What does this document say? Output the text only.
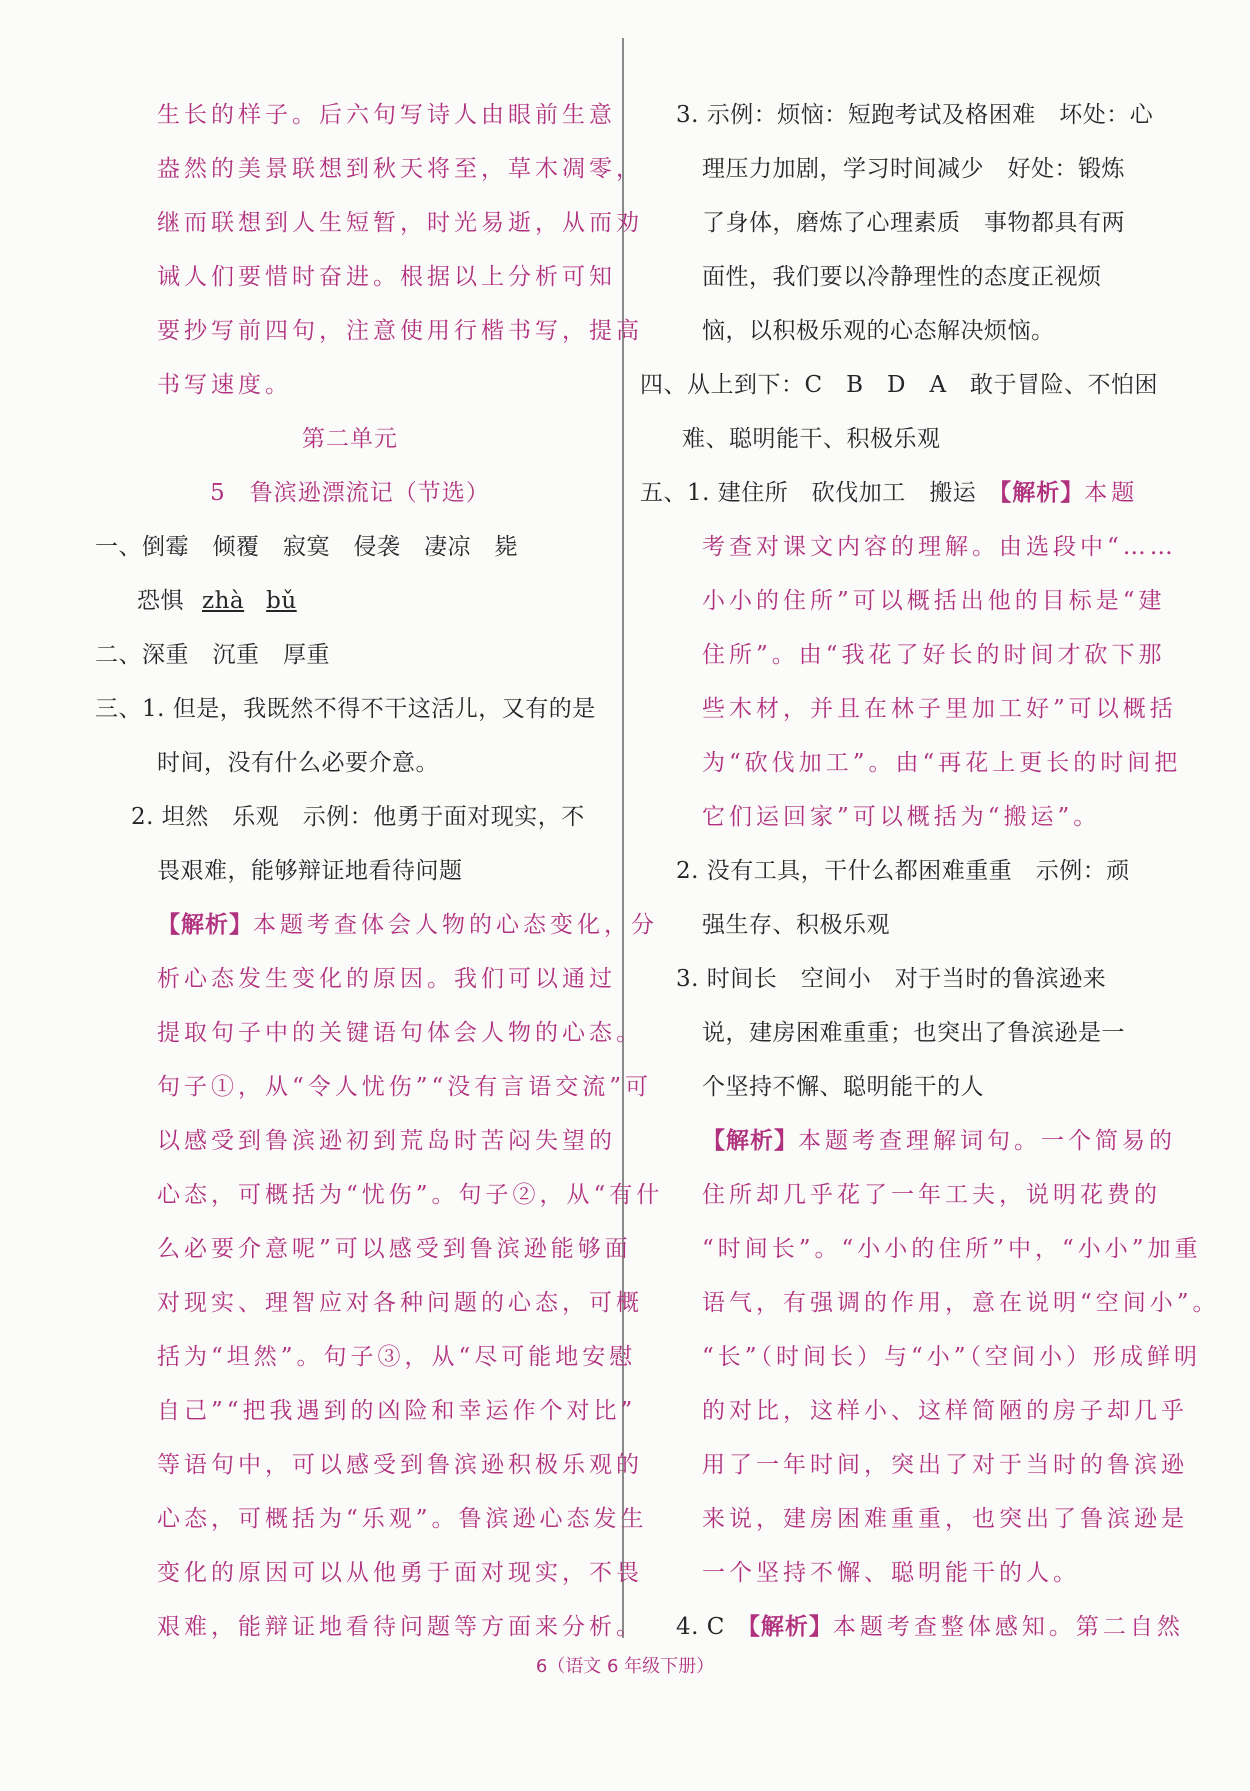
生长的样子。后六句写诗人由眼前生意
盎然的美景联想到秋天将至，草木凋零，
继而联想到人生短暂，时光易逝，从而劝
诫人们要惜时奋进。根据以上分析可知
要抄写前四句，注意使用行楷书写，提高
书写速度。
第二单元
5　鲁滨逊漂流记（节选）
一、倒霉　倾覆　寂寞　侵袭　凄凉　毙
恐惧 zhà bǔ
二、深重　沉重　厚重
三、1. 但是，我既然不得不干这活儿，又有的是
时间，没有什么必要介意。
2. 坦然　乐观　示例：他勇于面对现实，不
畏艰难，能够辩证地看待问题
【解析】本题考查体会人物的心态变化，分
析心态发生变化的原因。我们可以通过
提取句子中的关键语句体会人物的心态。
句子①，从“令人忧伤”“没有言语交流”可
以感受到鲁滨逊初到荒岛时苦闷失望的
心态，可概括为“忧伤”。句子②，从“有什
么必要介意呢”可以感受到鲁滨逊能够面
对现实、理智应对各种问题的心态，可概
括为“坦然”。句子③，从“尽可能地安慰
自己”“把我遇到的凶险和幸运作个对比”
等语句中，可以感受到鲁滨逊积极乐观的
心态，可概括为“乐观”。鲁滨逊心态发生
变化的原因可以从他勇于面对现实，不畏
艰难，能辩证地看待问题等方面来分析。
3. 示例：烦恼：短跑考试及格困难　坏处：心
理压力加剧，学习时间减少　好处：锻炼
了身体，磨炼了心理素质　事物都具有两
面性，我们要以冷静理性的态度正视烦
恼，以积极乐观的心态解决烦恼。
四、从上到下：C　B　D　A　敢于冒险、不怕困
难、聪明能干、积极乐观
五、1. 建住所　砍伐加工　搬运　【解析】本题
考查对课文内容的理解。由选段中“……
小小的住所”可以概括出他的目标是“建
住所”。由“我花了好长的时间才砍下那
些木材，并且在林子里加工好”可以概括
为“砍伐加工”。由“再花上更长的时间把
它们运回家”可以概括为“搬运”。
2. 没有工具，干什么都困难重重　示例：顽
强生存、积极乐观
3. 时间长　空间小　对于当时的鲁滨逊来
说，建房困难重重；也突出了鲁滨逊是一
个坚持不懈、聪明能干的人
【解析】本题考查理解词句。一个简易的
住所却几乎花了一年工夫，说明花费的
“时间长”。“小小的住所”中，“小小”加重
语气，有强调的作用，意在说明“空间小”。
“长”（时间长）与“小”（空间小）形成鲜明
的对比，这样小、这样简陋的房子却几乎
用了一年时间，突出了对于当时的鲁滨逊
来说，建房困难重重，也突出了鲁滨逊是
一个坚持不懈、聪明能干的人。
4. C　【解析】本题考查整体感知。第二自然
6（语文 6 年级下册）
